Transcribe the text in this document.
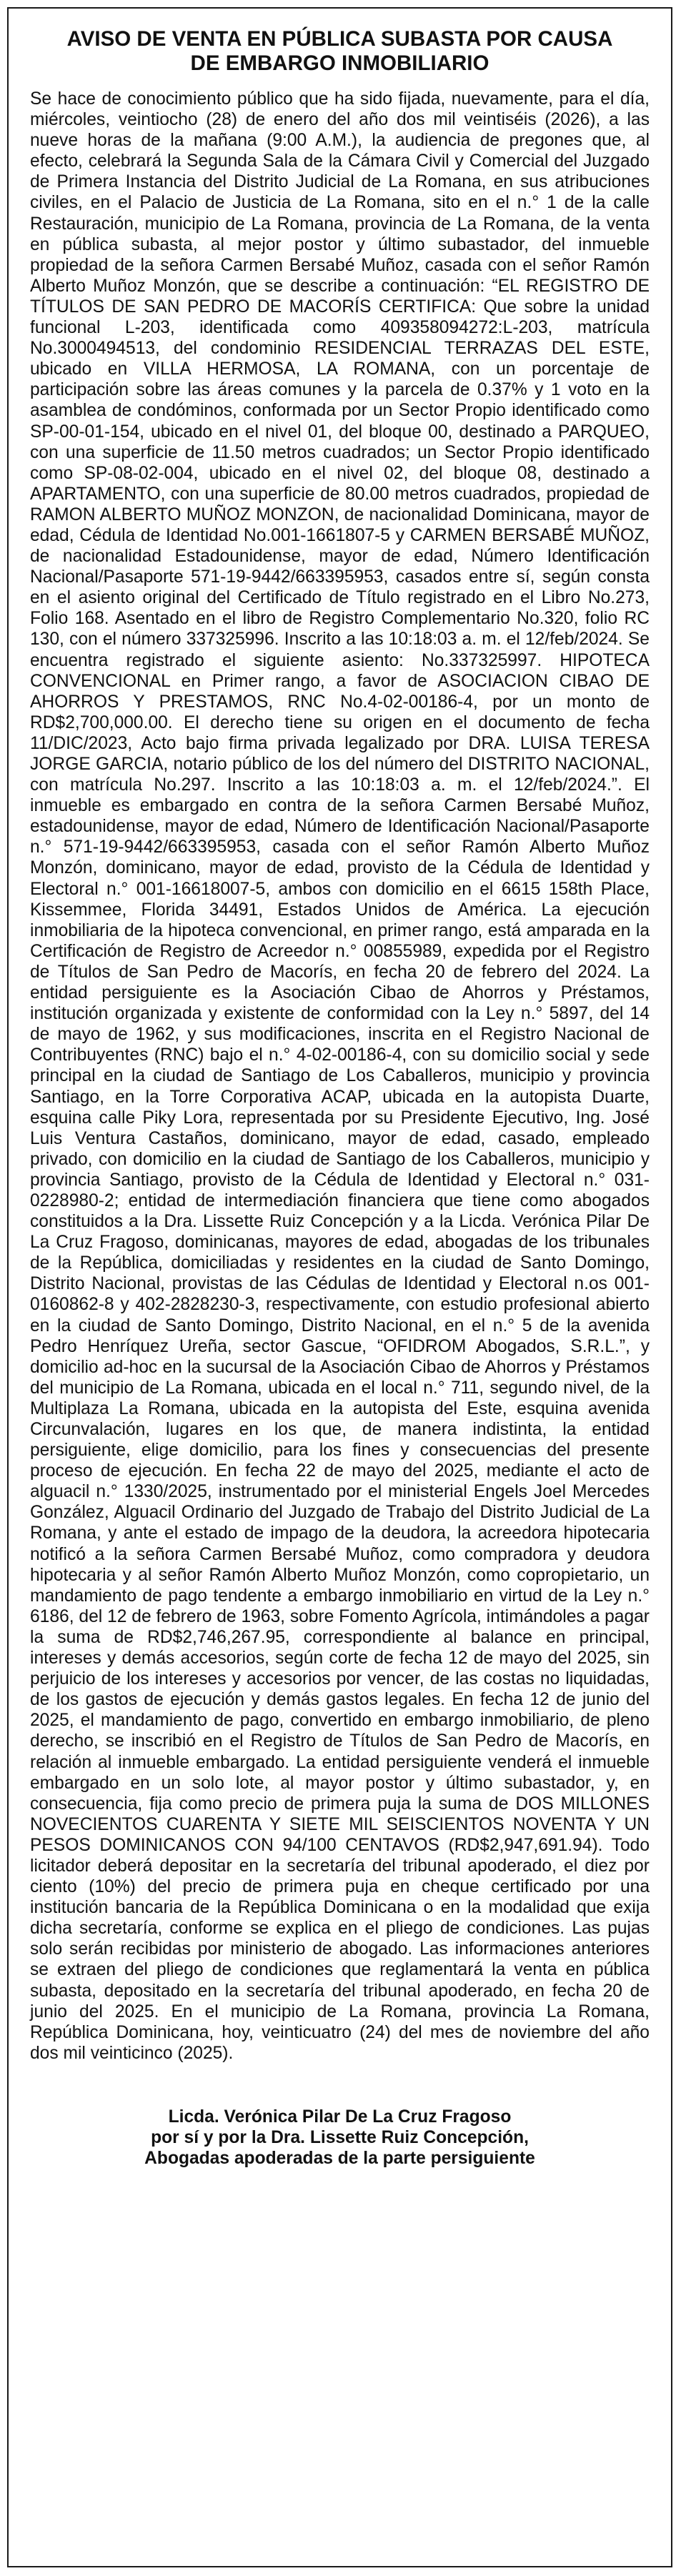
AVISO DE VENTA EN PÚBLICA SUBASTA POR CAUSA
DE EMBARGO INMOBILIARIO

Se hace de conocimiento público que ha sido fijada, nuevamente, para el día, miércoles, veintiocho (28) de enero del año dos mil veintiséis (2026), a las nueve horas de la mañana (9:00 A.M.), la audiencia de pregones que, al efecto, celebrará la Segunda Sala de la Cámara Civil y Comercial del Juzgado de Primera Instancia del Distrito Judicial de La Romana, en sus atribuciones civiles, en el Palacio de Justicia de La Romana, sito en el n.° 1 de la calle Restauración, municipio de La Romana, provincia de La Romana, de la venta en pública subasta, al mejor postor y último subastador, del inmueble propiedad de la señora Carmen Bersabé Muñoz, casada con el señor Ramón Alberto Muñoz Monzón, que se describe a continuación: “EL REGISTRO DE TÍTULOS DE SAN PEDRO DE MACORÍS CERTIFICA: Que sobre la unidad funcional L-203, identificada como 409358094272:L-203, matrícula No.3000494513, del condominio RESIDENCIAL TERRAZAS DEL ESTE, ubicado en VILLA HERMOSA, LA ROMANA, con un porcentaje de participación sobre las áreas comunes y la parcela de 0.37% y 1 voto en la asamblea de condóminos, conformada por un Sector Propio identificado como SP-00-01-154, ubicado en el nivel 01, del bloque 00, destinado a PARQUEO, con una superficie de 11.50 metros cuadrados; un Sector Propio identificado como SP-08-02-004, ubicado en el nivel 02, del bloque 08, destinado a APARTAMENTO, con una superficie de 80.00 metros cuadrados, propiedad de RAMON ALBERTO MUÑOZ MONZON, de nacionalidad Dominicana, mayor de edad, Cédula de Identidad No.001-1661807-5 y CARMEN BERSABÉ MUÑOZ, de nacionalidad Estadounidense, mayor de edad, Número Identificación Nacional/Pasaporte 571-19-9442/663395953, casados entre sí, según consta en el asiento original del Certificado de Título registrado en el Libro No.273, Folio 168. Asentado en el libro de Registro Complementario No.320, folio RC 130, con el número 337325996. Inscrito a las 10:18:03 a. m. el 12/feb/2024. Se encuentra registrado el siguiente asiento: No.337325997. HIPOTECA CONVENCIONAL en Primer rango, a favor de ASOCIACION CIBAO DE AHORROS Y PRESTAMOS, RNC No.4-02-00186-4, por un monto de RD$2,700,000.00. El derecho tiene su origen en el documento de fecha 11/DIC/2023, Acto bajo firma privada legalizado por DRA. LUISA TERESA JORGE GARCIA, notario público de los del número del DISTRITO NACIONAL, con matrícula No.297. Inscrito a las 10:18:03 a. m. el 12/feb/2024.”. El inmueble es embargado en contra de la señora Carmen Bersabé Muñoz, estadounidense, mayor de edad, Número de Identificación Nacional/Pasaporte n.° 571-19-9442/663395953, casada con el señor Ramón Alberto Muñoz Monzón, dominicano, mayor de edad, provisto de la Cédula de Identidad y Electoral n.° 001-16618007-5, ambos con domicilio en el 6615 158th Place, Kissemmee, Florida 34491, Estados Unidos de América. La ejecución inmobiliaria de la hipoteca convencional, en primer rango, está amparada en la Certificación de Registro de Acreedor n.° 00855989, expedida por el Registro de Títulos de San Pedro de Macorís, en fecha 20 de febrero del 2024. La entidad persiguiente es la Asociación Cibao de Ahorros y Préstamos, institución organizada y existente de conformidad con la Ley n.° 5897, del 14 de mayo de 1962, y sus modificaciones, inscrita en el Registro Nacional de Contribuyentes (RNC) bajo el n.° 4-02-00186-4, con su domicilio social y sede principal en la ciudad de Santiago de Los Caballeros, municipio y provincia Santiago, en la Torre Corporativa ACAP, ubicada en la autopista Duarte, esquina calle Piky Lora, representada por su Presidente Ejecutivo, Ing. José Luis Ventura Castaños, dominicano, mayor de edad, casado, empleado privado, con domicilio en la ciudad de Santiago de los Caballeros, municipio y provincia Santiago, provisto de la Cédula de Identidad y Electoral n.° 031-0228980-2; entidad de intermediación financiera que tiene como abogados constituidos a la Dra. Lissette Ruiz Concepción y a la Licda. Verónica Pilar De La Cruz Fragoso, dominicanas, mayores de edad, abogadas de los tribunales de la República, domiciliadas y residentes en la ciudad de Santo Domingo, Distrito Nacional, provistas de las Cédulas de Identidad y Electoral n.os 001-0160862-8 y 402-2828230-3, respectivamente, con estudio profesional abierto en la ciudad de Santo Domingo, Distrito Nacional, en el n.° 5 de la avenida Pedro Henríquez Ureña, sector Gascue, “OFIDROM Abogados, S.R.L.”, y domicilio ad-hoc en la sucursal de la Asociación Cibao de Ahorros y Préstamos del municipio de La Romana, ubicada en el local n.° 711, segundo nivel, de la Multiplaza La Romana, ubicada en la autopista del Este, esquina avenida Circunvalación, lugares en los que, de manera indistinta, la entidad persiguiente, elige domicilio, para los fines y consecuencias del presente proceso de ejecución. En fecha 22 de mayo del 2025, mediante el acto de alguacil n.° 1330/2025, instrumentado por el ministerial Engels Joel Mercedes González, Alguacil Ordinario del Juzgado de Trabajo del Distrito Judicial de La Romana, y ante el estado de impago de la deudora, la acreedora hipotecaria notificó a la señora Carmen Bersabé Muñoz, como compradora y deudora hipotecaria y al señor Ramón Alberto Muñoz Monzón, como copropietario, un mandamiento de pago tendente a embargo inmobiliario en virtud de la Ley n.° 6186, del 12 de febrero de 1963, sobre Fomento Agrícola, intimándoles a pagar la suma de RD$2,746,267.95, correspondiente al balance en principal, intereses y demás accesorios, según corte de fecha 12 de mayo del 2025, sin perjuicio de los intereses y accesorios por vencer, de las costas no liquidadas, de los gastos de ejecución y demás gastos legales. En fecha 12 de junio del 2025, el mandamiento de pago, convertido en embargo inmobiliario, de pleno derecho, se inscribió en el Registro de Títulos de San Pedro de Macorís, en relación al inmueble embargado. La entidad persiguiente venderá el inmueble embargado en un solo lote, al mayor postor y último subastador, y, en consecuencia, fija como precio de primera puja la suma de DOS MILLONES NOVECIENTOS CUARENTA Y SIETE MIL SEISCIENTOS NOVENTA Y UN PESOS DOMINICANOS CON 94/100 CENTAVOS (RD$2,947,691.94). Todo licitador deberá depositar en la secretaría del tribunal apoderado, el diez por ciento (10%) del precio de primera puja en cheque certificado por una institución bancaria de la República Dominicana o en la modalidad que exija dicha secretaría, conforme se explica en el pliego de condiciones. Las pujas solo serán recibidas por ministerio de abogado. Las informaciones anteriores se extraen del pliego de condiciones que reglamentará la venta en pública subasta, depositado en la secretaría del tribunal apoderado, en fecha 20 de junio del 2025. En el municipio de La Romana, provincia La Romana, República Dominicana, hoy, veinticuatro (24) del mes de noviembre del año dos mil veinticinco (2025).

Licda. Verónica Pilar De La Cruz Fragoso
por sí y por la Dra. Lissette Ruiz Concepción,
Abogadas apoderadas de la parte persiguiente
